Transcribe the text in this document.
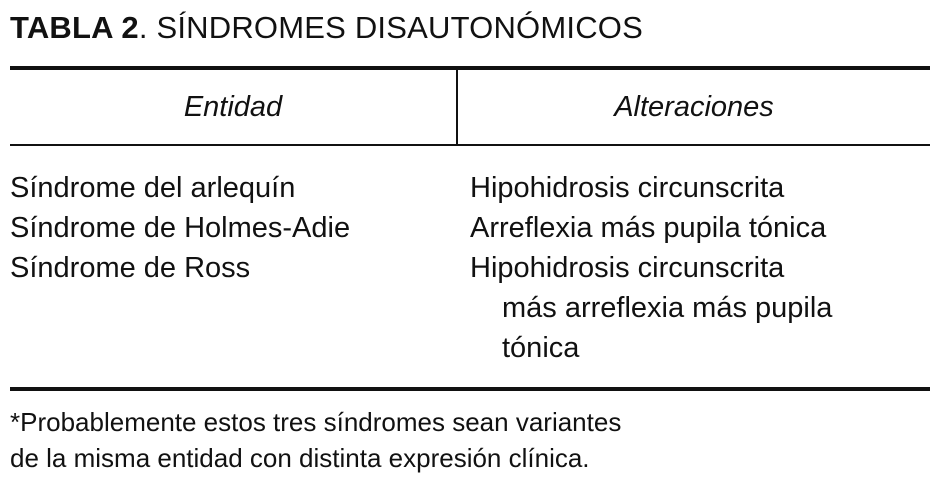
TABLA 2. SÍNDROMES DISAUTONÓMICOS
Entidad	Alteraciones
Síndrome del arlequín	Hipohidrosis circunscrita
Síndrome de Holmes-Adie	Arreflexia más pupila tónica
Síndrome de Ross	Hipohidrosis circunscrita
más arreflexia más pupila
tónica
*Probablemente estos tres síndromes sean variantes
de la misma entidad con distinta expresión clínica.
